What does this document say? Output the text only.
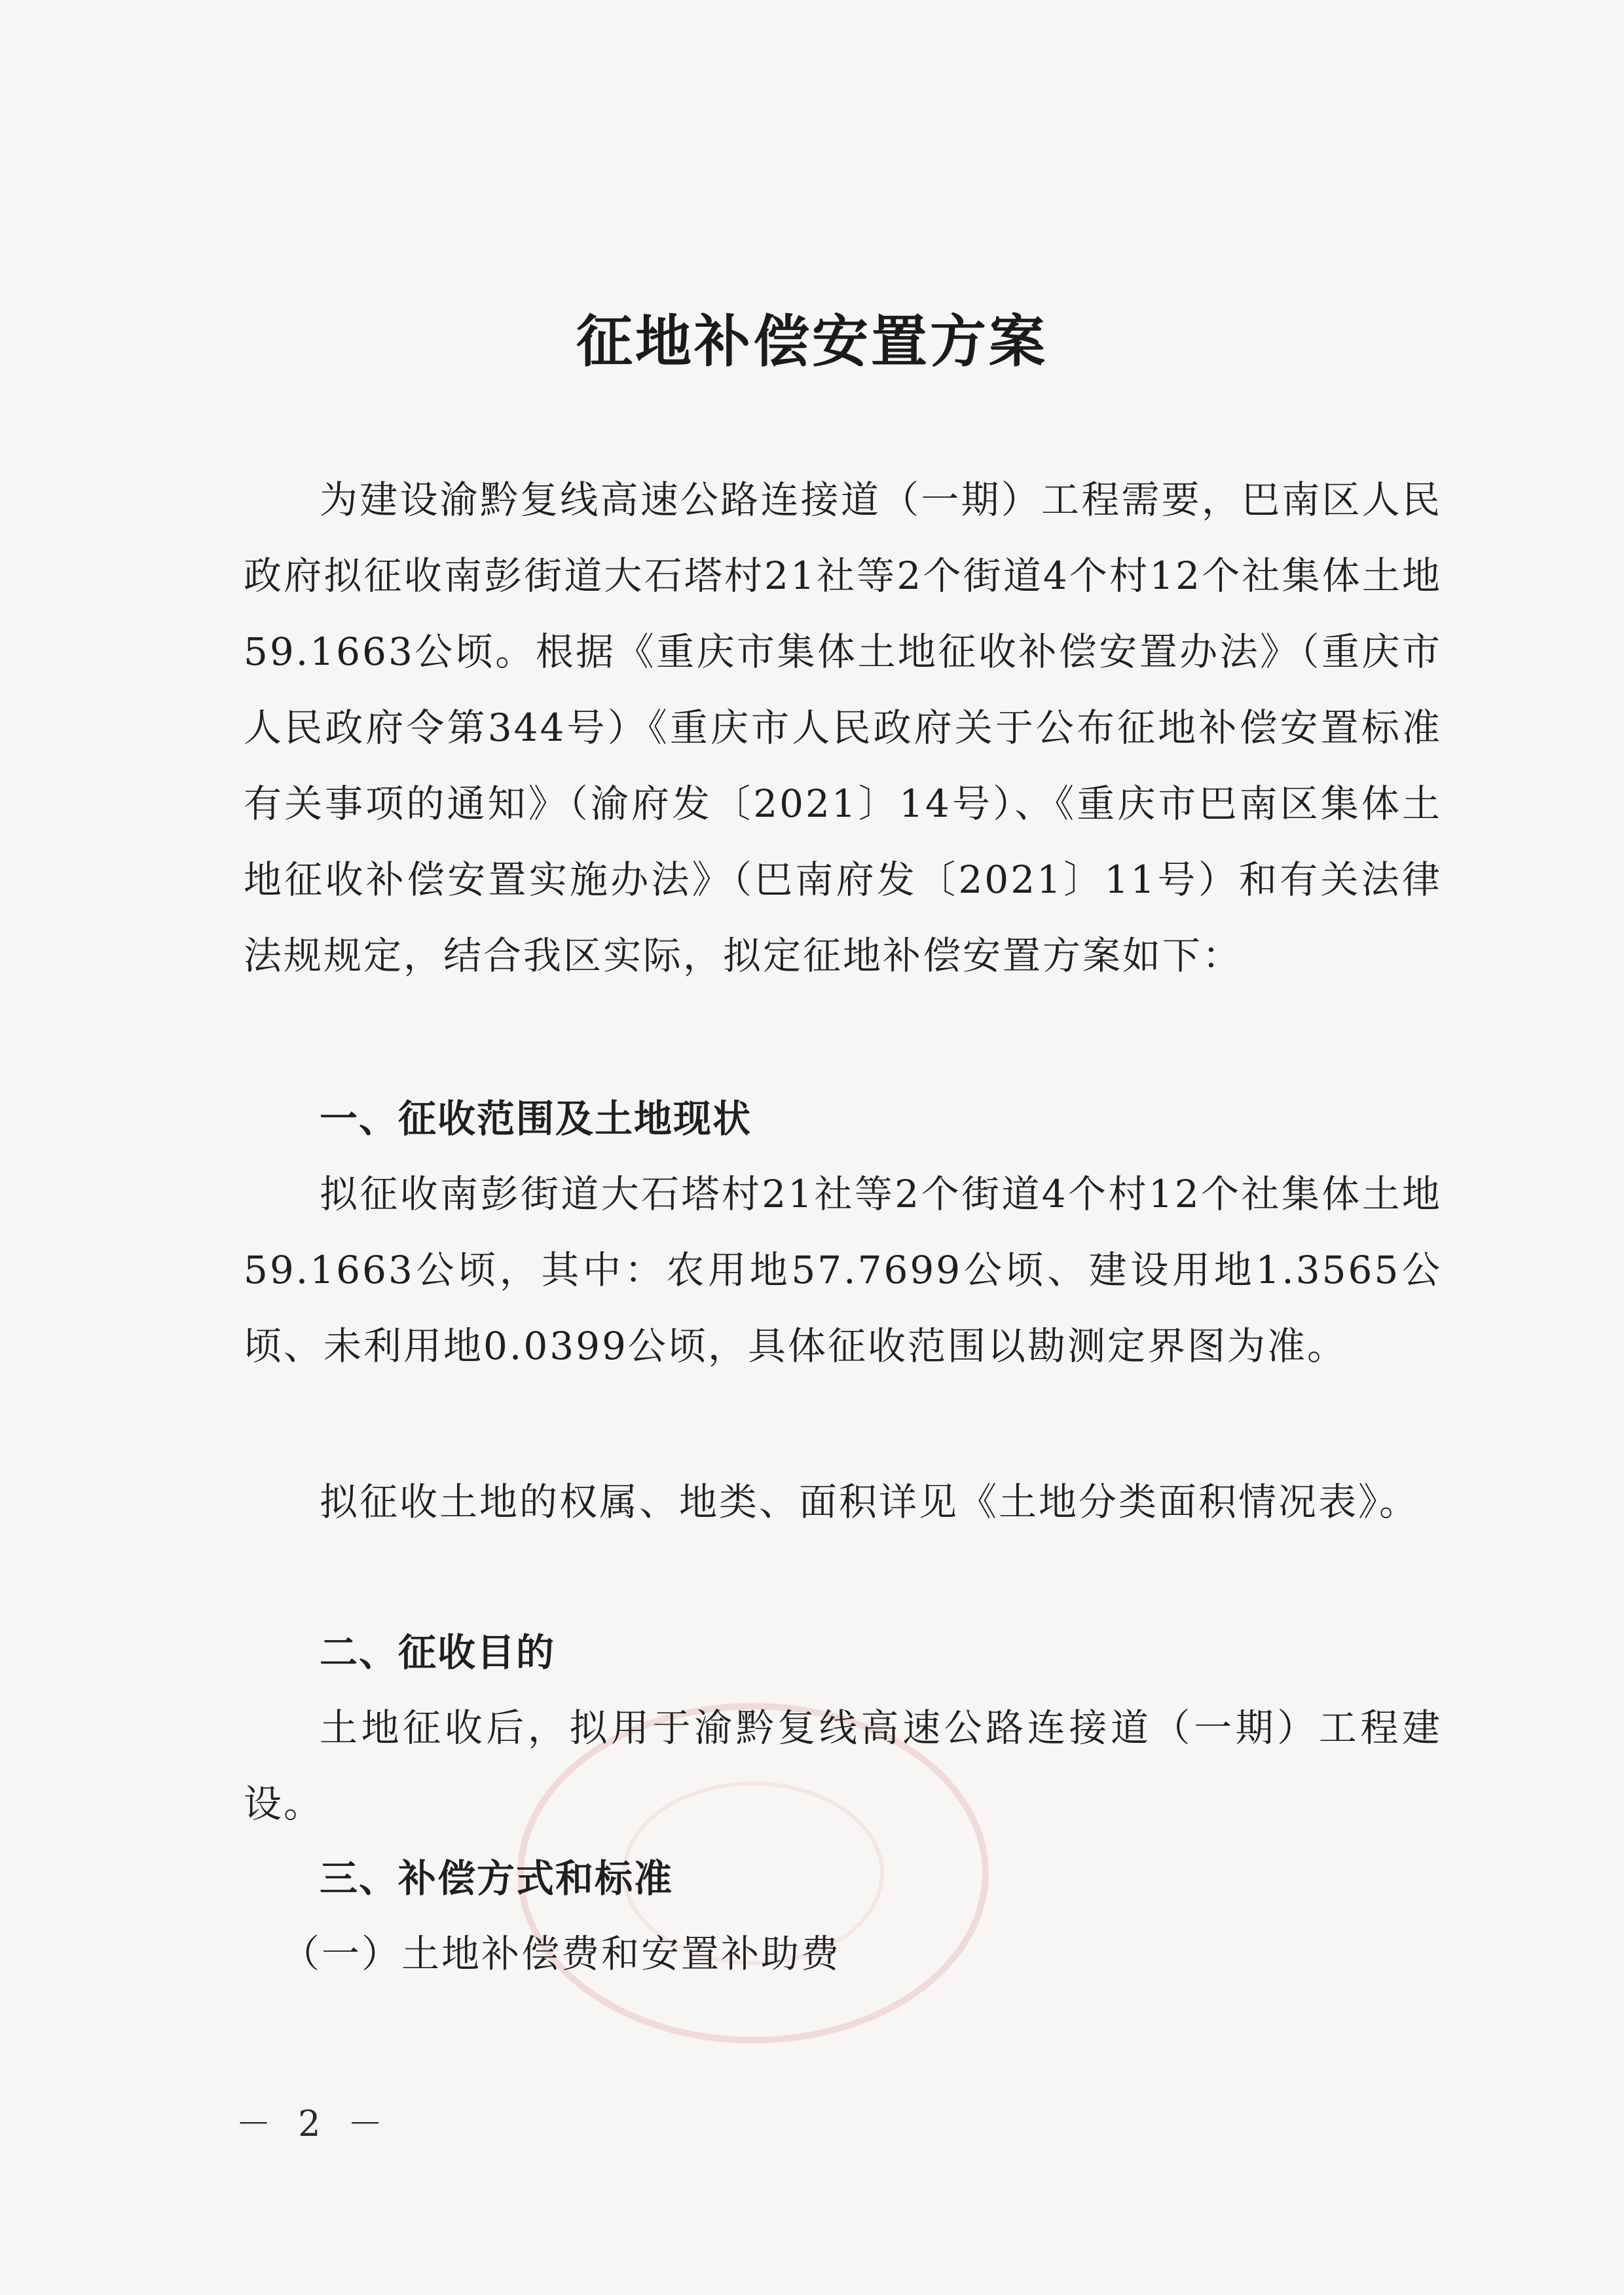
征地补偿安置方案
为建设渝黔复线高速公路连接道（一期）工程需要，巴南区人民政府拟征收南彭街道大石塔村21社等2个街道4个村12个社集体土地59.1663公顷。根据《重庆市集体土地征收补偿安置办法》（重庆市人民政府令第344号）《重庆市人民政府关于公布征地补偿安置标准有关事项的通知》（渝府发〔2021〕14号）、《重庆市巴南区集体土地征收补偿安置实施办法》（巴南府发〔2021〕11号）和有关法律法规规定，结合我区实际，拟定征地补偿安置方案如下：
一、征收范围及土地现状
拟征收南彭街道大石塔村21社等2个街道4个村12个社集体土地59.1663公顷，其中：农用地57.7699公顷、建设用地1.3565公顷、未利用地0.0399公顷，具体征收范围以勘测定界图为准。
拟征收土地的权属、地类、面积详见《土地分类面积情况表》。
二、征收目的
土地征收后，拟用于渝黔复线高速公路连接道（一期）工程建设。
三、补偿方式和标准
（一）土地补偿费和安置补助费
－ 2 －
